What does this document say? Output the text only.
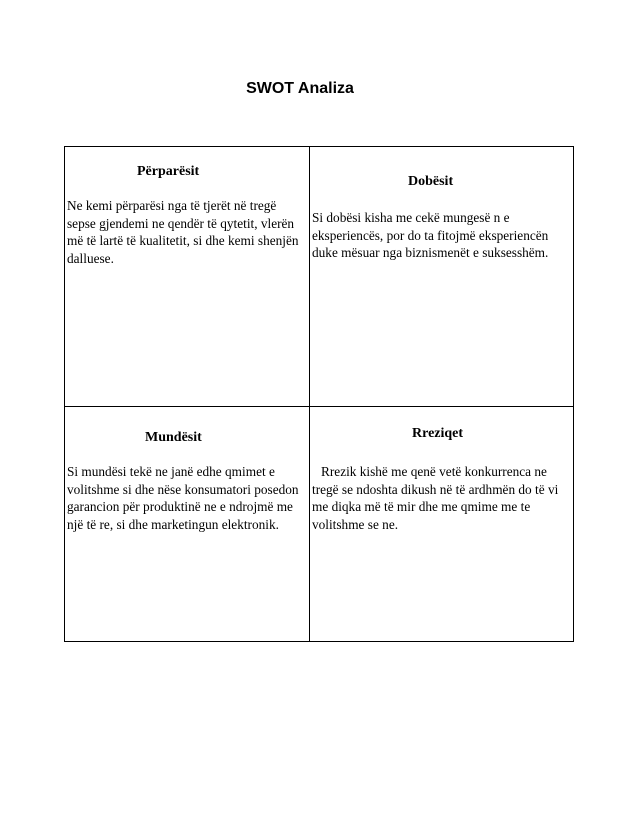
SWOT Analiza
Përparësit
Ne kemi përparësi nga të tjerët në tregë sepse gjendemi ne qendër të qytetit, vlerën më të lartë të kualitetit, si dhe kemi shenjën dalluese.
Dobësit
Si dobësi kisha me cekë mungesë n e eksperiencës, por do ta fitojmë eksperiencën duke mësuar nga biznismenët e suksesshëm.
Mundësit
Si mundësi tekë ne janë edhe qmimet e volitshme si dhe nëse konsumatori posedon garancion për produktinë ne e ndrojmë me një të re, si dhe marketingun elektronik.
Rreziqet
Rrezik kishë me qenë vetë konkurrenca ne tregë se ndoshta dikush në të ardhmën do të vi me diqka më të mir dhe me qmime me te volitshme se ne.
